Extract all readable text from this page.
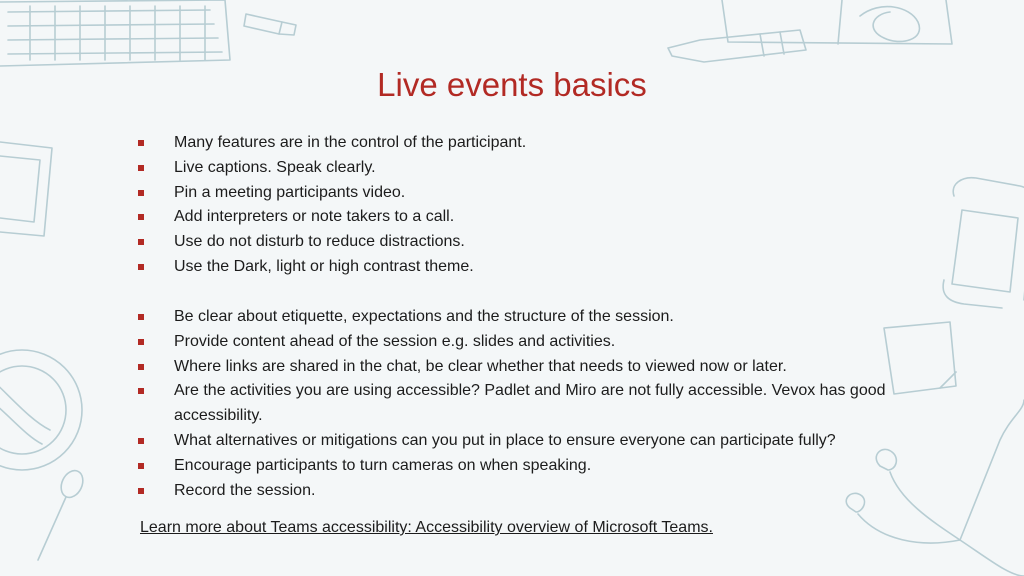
Live events basics
Many features are in the control of the participant.
Live captions. Speak clearly.
Pin a meeting participants video.
Add interpreters or note takers to a call.
Use do not disturb to reduce distractions.
Use the Dark, light or high contrast theme.
Be clear about etiquette, expectations and the structure of the session.
Provide content ahead of the session e.g. slides and activities.
Where links are shared in the chat, be clear whether that needs to viewed now or later.
Are the activities you are using accessible? Padlet and Miro are not fully accessible. Vevox has good accessibility.
What alternatives or mitigations can you put in place to ensure everyone can participate fully?
Encourage participants to turn cameras on when speaking.
Record the session.
Learn more about Teams accessibility: Accessibility overview of Microsoft Teams.
